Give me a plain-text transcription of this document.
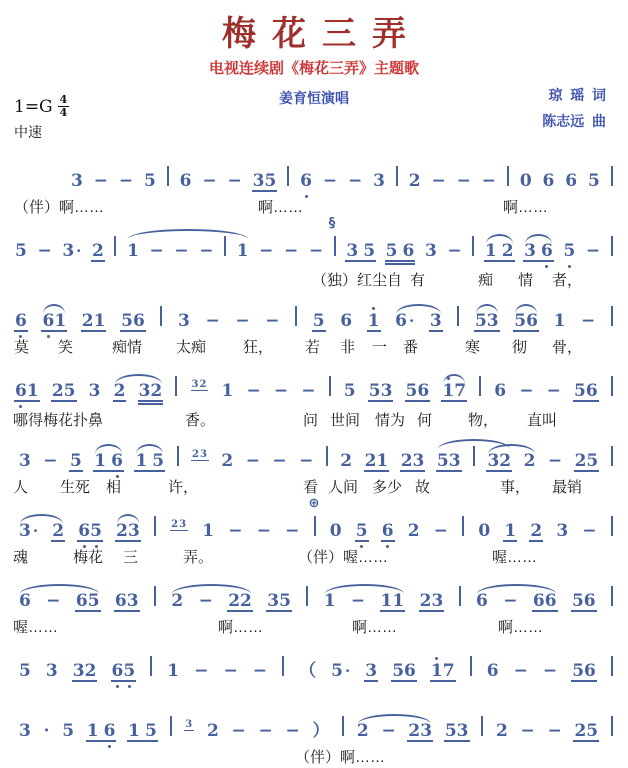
梅花三弄
电视连续剧《梅花三弄》主题歌
姜育恒演唱	琼  瑶  词
陈志远  曲
$1=G \frac{4}{4}$
中速
3 − − 5 6 − − 3 5 6 − − 3 2 − − − 0 6 6 5
（伴）啊……	啊……	啊……
5 − 3 · 2 1 − − − 1 − − −
§
3 5 5 6 3 − 1 2 3 6 5 −
（独）红尘自 有	痴 情 者，
6 6 1 2 1 5 6 3 − − − 5 6 1 6 · 3 5 3 5 6 1 −
莫 笑	痴情 太痴 狂， 若 非 一 番	寒 彻 骨，
6 1 2 5 3 2 3 2	32 1 − − − 5 5 3 5 6 1 7 6 − − 5 6
哪得梅花扑鼻	香。	问 世间 情为 何 物， 直叫
3 − 5 1 6 1 5	23 2 − − − 2 2 1 2 3 5 3 3 2 2 − 2 5
人 生死 相	许，	看 人间 多少 故	事， 最销
3 · 2 6 5 2 3	23 1 − − −
⊕
0 5 6 2 − 0 1 2 3 −
魂	梅花 三	弄。	（伴）喔……	喔……
6 − 6 5 6 3 2 − 2 2 3 5 1 − 1 1 2 3 6 − 6 6 5 6
喔……	啊……	啊……	啊……
5 3 3 2 6 5 1 − − − （ 5 · 3 5 6 1 7 6 − − 5 6
3 · 5 1 6 1 5	3 2 − − − ） 2 − 2 3 5 3 2 − − 2 5
（伴）啊……
